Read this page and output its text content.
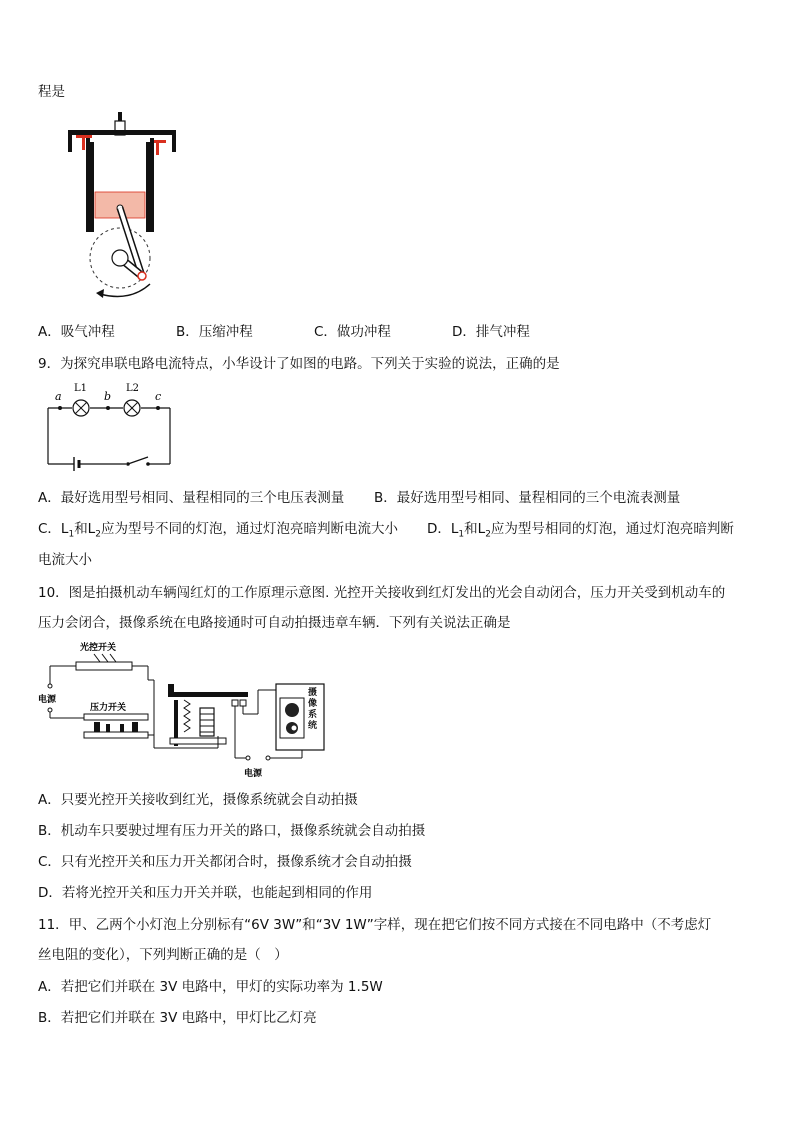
程是
A．吸气冲程	B．压缩冲程	C．做功冲程	D．排气冲程
9．为探究串联电路电流特点，小华设计了如图的电路。下列关于实验的说法，正确的是
a	b	c
L1	L2
A．最好选用型号相同、量程相同的三个电压表测量 B．最好选用型号相同、量程相同的三个电流表测量
C．$L_1$和$L_2$应为型号不同的灯泡，通过灯泡亮暗判断电流大小 D．$L_1$和$L_2$应为型号相同的灯泡，通过灯泡亮暗判断
电流大小
10．图是拍摄机动车辆闯红灯的工作原理示意图. 光控开关接收到红灯发出的光会自动闭合，压力开关受到机动车的
压力会闭合，摄像系统在电路接通时可自动拍摄违章车辆．下列有关说法正确是
光控开关
电源
压力开关
电源
摄像系统
A．只要光控开关接收到红光，摄像系统就会自动拍摄
B．机动车只要驶过埋有压力开关的路口，摄像系统就会自动拍摄
C．只有光控开关和压力开关都闭合时，摄像系统才会自动拍摄
D．若将光控开关和压力开关并联，也能起到相同的作用
11．甲、乙两个小灯泡上分别标有“6V 3W”和“3V 1W”字样，现在把它们按不同方式接在不同电路中（不考虑灯
丝电阻的变化），下列判断正确的是（　）
A．若把它们并联在 3V 电路中，甲灯的实际功率为 1.5W
B．若把它们并联在 3V 电路中，甲灯比乙灯亮
